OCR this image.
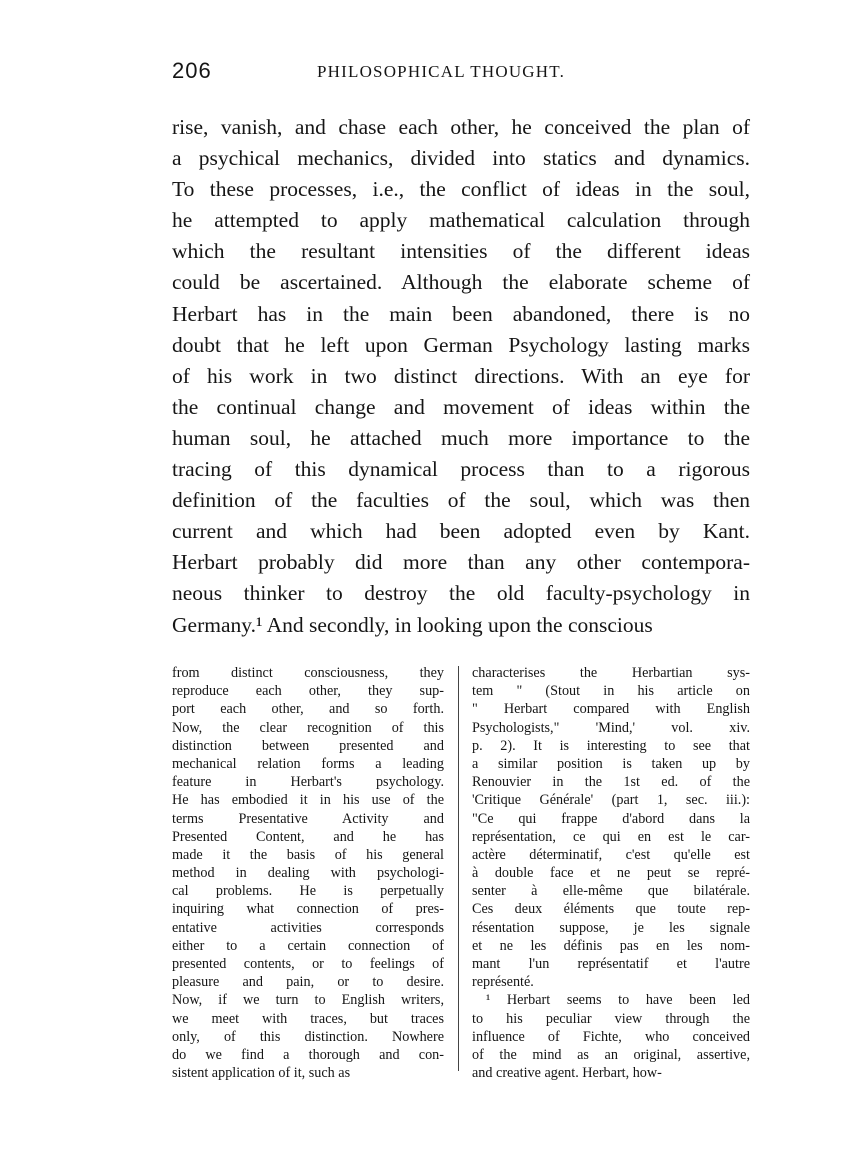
206	PHILOSOPHICAL THOUGHT.
rise, vanish, and chase each other, he conceived the plan of
a psychical mechanics, divided into statics and dynamics.
To these processes, i.e., the conflict of ideas in the soul,
he attempted to apply mathematical calculation through
which the resultant intensities of the different ideas
could be ascertained. Although the elaborate scheme of
Herbart has in the main been abandoned, there is no
doubt that he left upon German Psychology lasting marks
of his work in two distinct directions. With an eye for
the continual change and movement of ideas within the
human soul, he attached much more importance to the
tracing of this dynamical process than to a rigorous
definition of the faculties of the soul, which was then
current and which had been adopted even by Kant.
Herbart probably did more than any other contempora-
neous thinker to destroy the old faculty-psychology in
Germany.¹ And secondly, in looking upon the conscious
from distinct consciousness, they
reproduce each other, they sup-
port each other, and so forth.
Now, the clear recognition of this
distinction between presented and
mechanical relation forms a leading
feature in Herbart's psychology.
He has embodied it in his use of the
terms Presentative Activity and
Presented Content, and he has
made it the basis of his general
method in dealing with psychologi-
cal problems. He is perpetually
inquiring what connection of pres-
entative activities corresponds
either to a certain connection of
presented contents, or to feelings of
pleasure and pain, or to desire.
Now, if we turn to English writers,
we meet with traces, but traces
only, of this distinction. Nowhere
do we find a thorough and con-
sistent application of it, such as
characterises the Herbartian sys-
tem " (Stout in his article on
" Herbart compared with English
Psychologists," 'Mind,' vol. xiv.
p. 2). It is interesting to see that
a similar position is taken up by
Renouvier in the 1st ed. of the
'Critique Générale' (part 1, sec. iii.):
"Ce qui frappe d'abord dans la
représentation, ce qui en est le car-
actère déterminatif, c'est qu'elle est
à double face et ne peut se repré-
senter à elle-même que bilatérale.
Ces deux éléments que toute rep-
résentation suppose, je les signale
et ne les définis pas en les nom-
mant l'un représentatif et l'autre
représenté.
¹ Herbart seems to have been led
to his peculiar view through the
influence of Fichte, who conceived
of the mind as an original, assertive,
and creative agent. Herbart, how-
